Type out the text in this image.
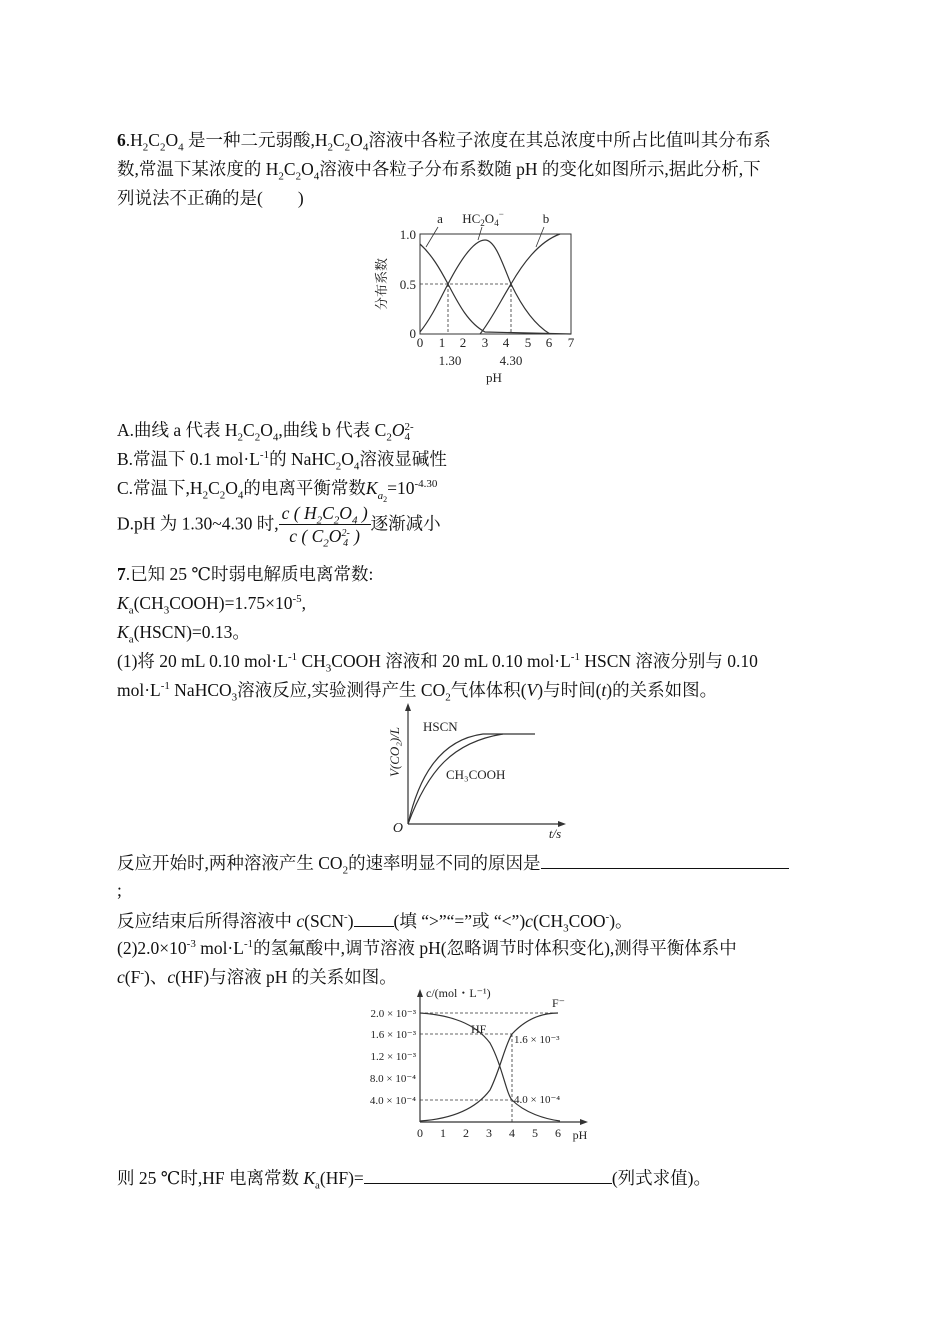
$6.H_2C_2O_4$ 是一种二元弱酸$,H_2C_2O_4$溶液中各粒子浓度在其总浓度中所占比值叫其分布系
数,常温下某浓度的 $H_2C_2O_4$溶液中各粒子分布系数随 pH 的变化如图所示,据此分析,下
列说法不正确的是(　　)
分布系数
1.0
0.5
0
0 1 2 3 4 5 6 7
1.30	4.30
pH
a $HC_2O_4^-$	b
A.曲线 a 代表 $H_2C_2O_4$,曲线 b 代表 $C_2O$ 2-
4
B.常温下 0.1 $mol\cdot L^{-1}$的 $NaHC_2O_4$溶液显碱性
C.常温下$,H_2C_2O_4$的电离平衡常数$K_{a_2}=10^{-4.30}$
D.pH 为 1.30~4.30 时, c ( $H_2C_2O_4$ )
c ( $C_2O$ 2-
4 ) 逐渐减小
7.已知 25 ℃时弱电解质电离常数:
$K_a(CH_3COOH)=1.75\times 10^{-5}$,
$K_a(HSCN)=0.13$。
(1)将 20 mL 0.10 $mol\cdot L^{-1}$ $CH_3COOH$ 溶液和 20 mL 0.10 $mol\cdot L^{-1}$ HSCN 溶液分别与 0.10
$mol\cdot L^{-1}$ NaHCO$_3$溶液反应,实验测得产生 $CO_2$气体体积(V)与时间(t)的关系如图。
V(CO₂)/L
t/s
O
HSCN
CH₃COOH
反应开始时,两种溶液产生 $CO_2$的速率明显不同的原因是
;
反应结束后所得溶液中 c(SCN-) (填 “>”“=”或 “$<”)c(CH_3COO^-)$。
$(2)2.0\times 10^{-3}$ $mol\cdot L^{-1}$的氢氟酸中,调节溶液 pH(忽略调节时体积变化),测得平衡体系中
c(F-)、c(HF)与溶液 pH 的关系如图。
c/(mol・L⁻¹)
pH
2.0 × 10⁻³
1.6 × 10⁻³
1.2 × 10⁻³
8.0 × 10⁻⁴
4.0 × 10⁻⁴
0 1 2 3 4 5 6
HF
F⁻
1.6 × 10⁻³
4.0 × 10⁻⁴
则 25 ℃时,HF 电离常数 $K_a(HF)=$	(列式求值)。
